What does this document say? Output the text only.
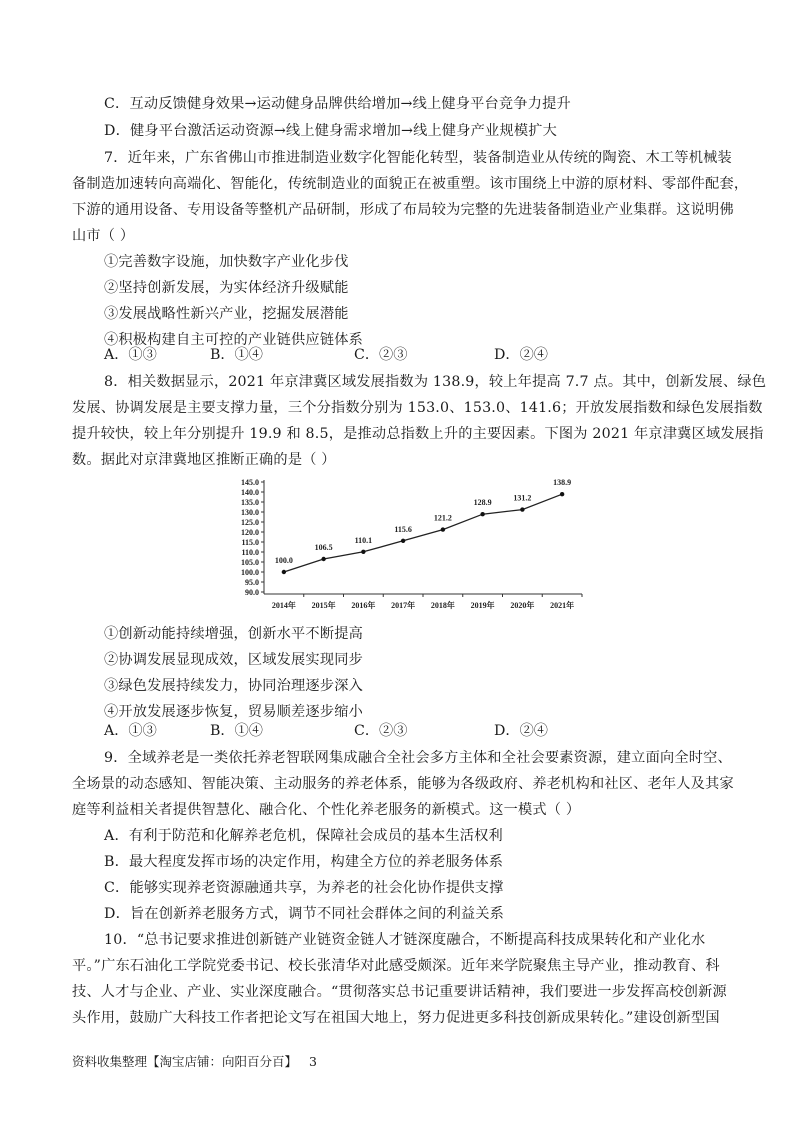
C．互动反馈健身效果→运动健身品牌供给增加→线上健身平台竞争力提升
D．健身平台激活运动资源→线上健身需求增加→线上健身产业规模扩大
7．近年来，广东省佛山市推进制造业数字化智能化转型，装备制造业从传统的陶瓷、木工等机械装
备制造加速转向高端化、智能化，传统制造业的面貌正在被重塑。该市围绕上中游的原材料、零部件配套，
下游的通用设备、专用设备等整机产品研制，形成了布局较为完整的先进装备制造业产业集群。这说明佛
山市（ ）
①完善数字设施，加快数字产业化步伐
②坚持创新发展，为实体经济升级赋能
③发展战略性新兴产业，挖掘发展潜能
④积极构建自主可控的产业链供应链体系
A．①③	B．①④	C．②③	D．②④
8．相关数据显示，2021 年京津冀区域发展指数为 138.9，较上年提高 7.7 点。其中，创新发展、绿色
发展、协调发展是主要支撑力量，三个分指数分别为 153.0、153.0、141.6；开放发展指数和绿色发展指数
提升较快，较上年分别提升 19.9 和 8.5，是推动总指数上升的主要因素。下图为 2021 年京津冀区域发展指
数。据此对京津冀地区推断正确的是（ ）
90.0
95.0
100.0
105.0
110.0
115.0
120.0
125.0
130.0
135.0
140.0
145.0
2014年 2015年 2016年 2017年 2018年 2019年 2020年 2021年
100.0
106.5
110.1
115.6
121.2
128.9
131.2
138.9
①创新动能持续增强，创新水平不断提高
②协调发展显现成效，区域发展实现同步
③绿色发展持续发力，协同治理逐步深入
④开放发展逐步恢复，贸易顺差逐步缩小
A．①③	B．①④	C．②③	D．②④
9．全域养老是一类依托养老智联网集成融合全社会多方主体和全社会要素资源，建立面向全时空、
全场景的动态感知、智能决策、主动服务的养老体系，能够为各级政府、养老机构和社区、老年人及其家
庭等利益相关者提供智慧化、融合化、个性化养老服务的新模式。这一模式（ ）
A．有利于防范和化解养老危机，保障社会成员的基本生活权利
B．最大程度发挥市场的决定作用，构建全方位的养老服务体系
C．能够实现养老资源融通共享，为养老的社会化协作提供支撑
D．旨在创新养老服务方式，调节不同社会群体之间的利益关系
10．“总书记要求推进创新链产业链资金链人才链深度融合，不断提高科技成果转化和产业化水
平。”广东石油化工学院党委书记、校长张清华对此感受颇深。近年来学院聚焦主导产业，推动教育、科
技、人才与企业、产业、实业深度融合。“贯彻落实总书记重要讲话精神，我们要进一步发挥高校创新源
头作用，鼓励广大科技工作者把论文写在祖国大地上，努力促进更多科技创新成果转化。”建设创新型国
资料收集整理【淘宝店铺：向阳百分百】 3
